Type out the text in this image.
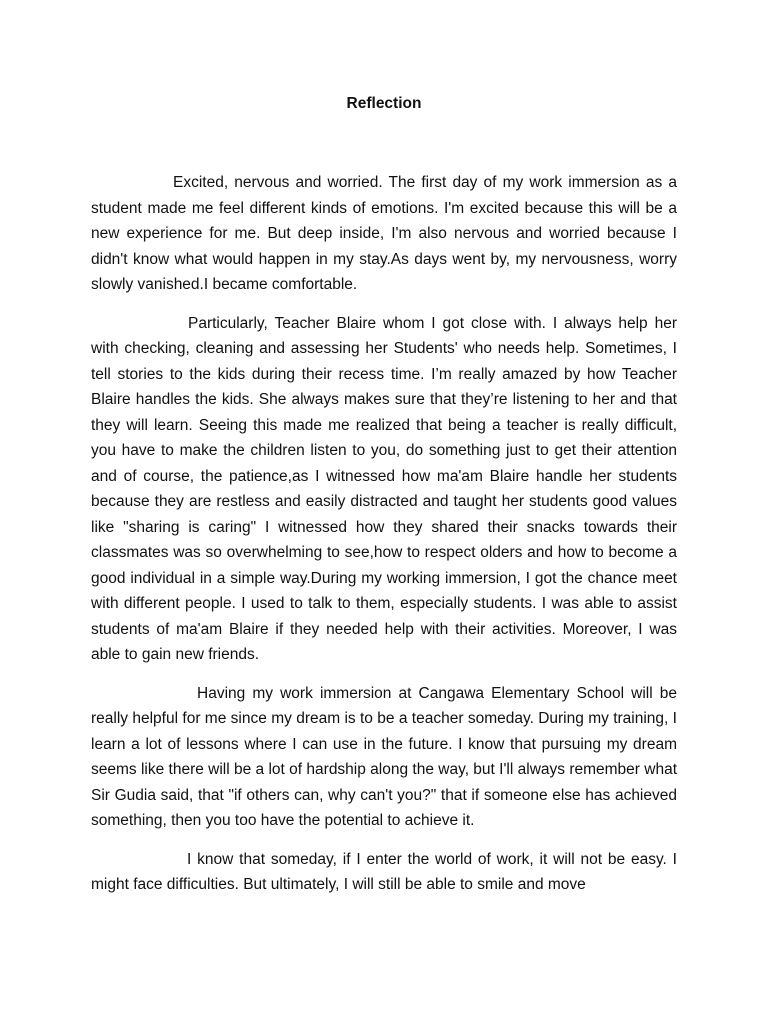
Reflection

Excited, nervous and worried. The first day of my work immersion as a student made me feel different kinds of emotions. I'm excited because this will be a new experience for me. But deep inside, I'm also nervous and worried because I didn't know what would happen in my stay.As days went by, my nervousness, worry slowly vanished.I became comfortable.

Particularly, Teacher Blaire whom I got close with. I always help her with checking, cleaning and assessing her Students' who needs help. Sometimes, I tell stories to the kids during their recess time. I’m really amazed by how Teacher Blaire handles the kids. She always makes sure that they’re listening to her and that they will learn. Seeing this made me realized that being a teacher is really difficult, you have to make the children listen to you, do something just to get their attention and of course, the patience,as I witnessed how ma'am Blaire handle her students because they are restless and easily distracted and taught her students good values like "sharing is caring" I witnessed how they shared their snacks towards their classmates was so overwhelming to see,how to respect olders and how to become a good individual in a simple way.During my working immersion, I got the chance meet with different people. I used to talk to them, especially students. I was able to assist students of ma'am Blaire if they needed help with their activities. Moreover, I was able to gain new friends.

Having my work immersion at Cangawa Elementary School will be really helpful for me since my dream is to be a teacher someday. During my training, I learn a lot of lessons where I can use in the future. I know that pursuing my dream seems like there will be a lot of hardship along the way, but I'll always remember what Sir Gudia said, that "if others can, why can't you?" that if someone else has achieved something, then you too have the potential to achieve it.

I know that someday, if I enter the world of work, it will not be easy. I might face difficulties. But ultimately, I will still be able to smile and move
